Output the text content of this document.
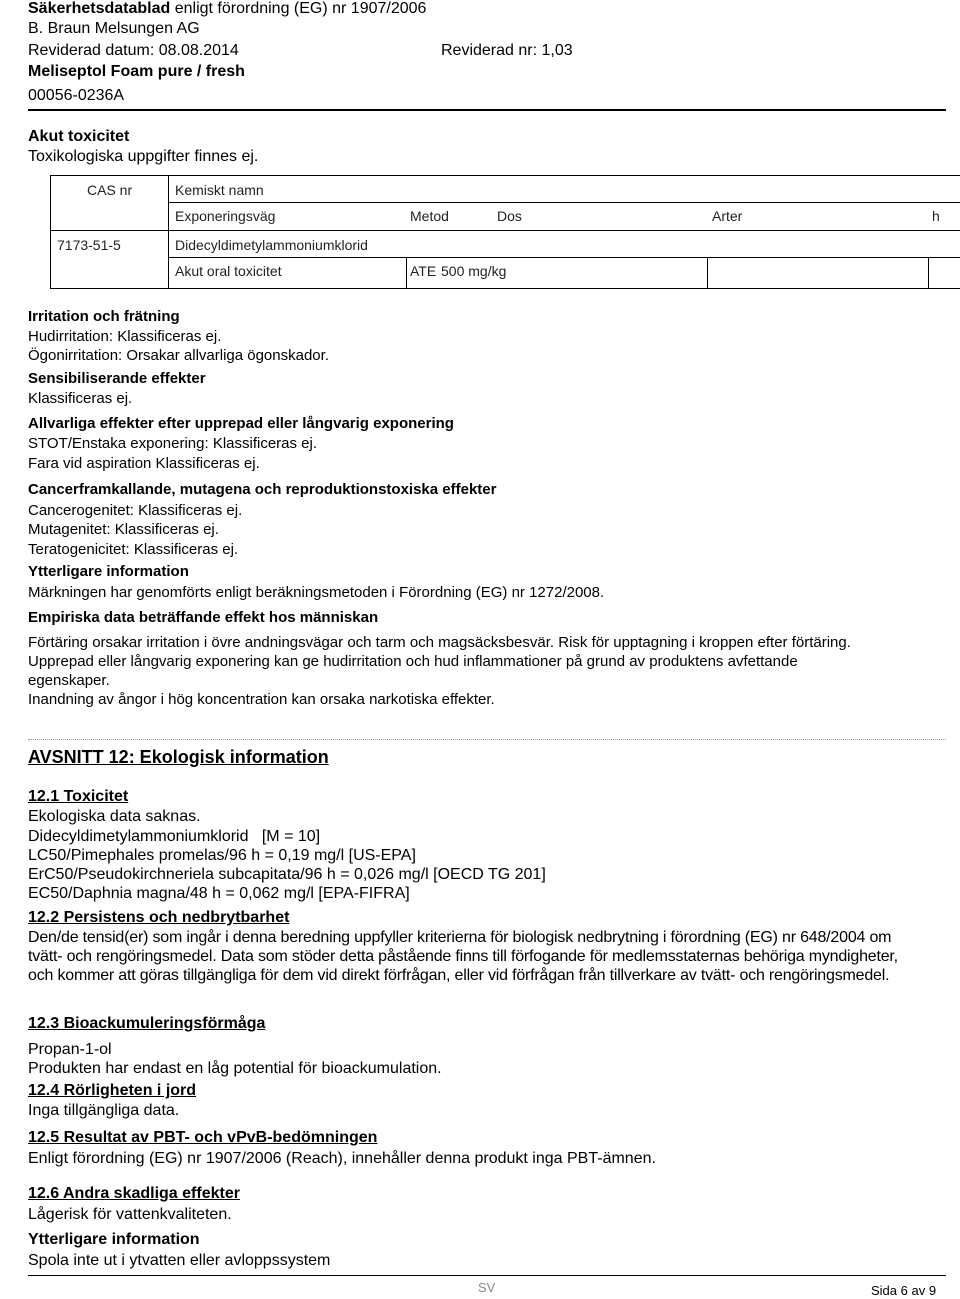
Säkerhetsdatablad enligt förordning (EG) nr 1907/2006
B. Braun Melsungen AG
Reviderad datum: 08.08.2014	Reviderad nr: 1,03
Meliseptol Foam pure / fresh
00056-0236A
Akut toxicitet
Toxikologiska uppgifter finnes ej.
CAS nr	Kemiskt namn
Exponeringsväg	Metod	Dos	Arter	h
7173-51-5	Didecyldimetylammoniumklorid
Akut oral toxicitet	ATE 500 mg/kg
Irritation och frätning
Hudirritation: Klassificeras ej.
Ögonirritation: Orsakar allvarliga ögonskador.
Sensibiliserande effekter
Klassificeras ej.
Allvarliga effekter efter upprepad eller långvarig exponering
STOT/Enstaka exponering: Klassificeras ej.
Fara vid aspiration Klassificeras ej.
Cancerframkallande, mutagena och reproduktionstoxiska effekter
Cancerogenitet: Klassificeras ej.
Mutagenitet: Klassificeras ej.
Teratogenicitet: Klassificeras ej.
Ytterligare information
Märkningen har genomförts enligt beräkningsmetoden i Förordning (EG) nr 1272/2008.
Empiriska data beträffande effekt hos människan
Förtäring orsakar irritation i övre andningsvägar och tarm och magsäcksbesvär. Risk för upptagning i kroppen efter förtäring.
Upprepad eller långvarig exponering kan ge hudirritation och hud inflammationer på grund av produktens avfettande
egenskaper.
Inandning av ångor i hög koncentration kan orsaka narkotiska effekter.
AVSNITT 12: Ekologisk information
12.1 Toxicitet
Ekologiska data saknas.
Didecyldimetylammoniumklorid   [M = 10]
LC50/Pimephales promelas/96 h = 0,19 mg/l [US-EPA]
ErC50/Pseudokirchneriela subcapitata/96 h = 0,026 mg/l [OECD TG 201]
EC50/Daphnia magna/48 h = 0,062 mg/l [EPA-FIFRA]
12.2 Persistens och nedbrytbarhet
Den/de tensid(er) som ingår i denna beredning uppfyller kriterierna för biologisk nedbrytning i förordning (EG) nr 648/2004 om
tvätt- och rengöringsmedel. Data som stöder detta påstående finns till förfogande för medlemsstaternas behöriga myndigheter,
och kommer att göras tillgängliga för dem vid direkt förfrågan, eller vid förfrågan från tillverkare av tvätt- och rengöringsmedel.
12.3 Bioackumuleringsförmåga
Propan-1-ol
Produkten har endast en låg potential för bioackumulation.
12.4 Rörligheten i jord
Inga tillgängliga data.
12.5 Resultat av PBT- och vPvB-bedömningen
Enligt förordning (EG) nr 1907/2006 (Reach), innehåller denna produkt inga PBT-ämnen.
12.6 Andra skadliga effekter
Lågerisk för vattenkvaliteten.
Ytterligare information
Spola inte ut i ytvatten eller avloppssystem
SV	Sida 6 av 9
